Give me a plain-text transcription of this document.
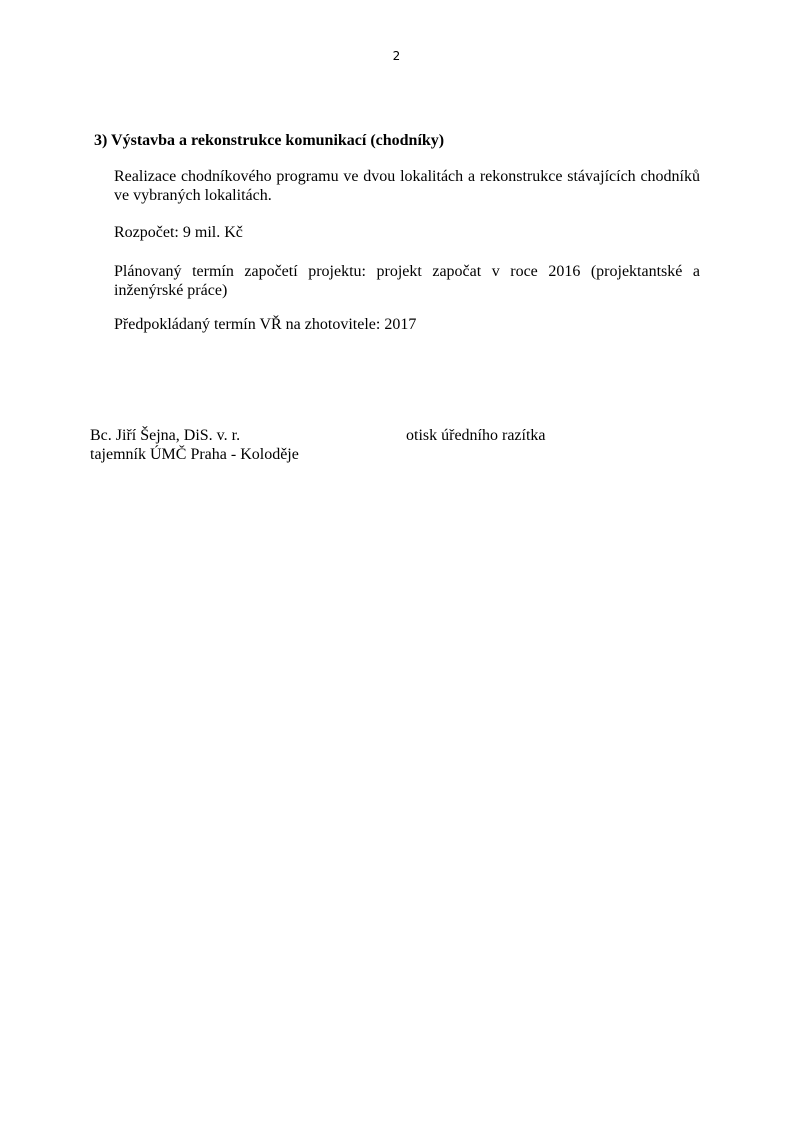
2
3) Výstavba a rekonstrukce komunikací (chodníky)

Realizace chodníkového programu ve dvou lokalitách a rekonstrukce stávajících chodníků ve vybraných lokalitách.

Rozpočet: 9 mil. Kč

Plánovaný termín započetí projektu: projekt započat v roce 2016 (projektantské a inženýrské práce)

Předpokládaný termín VŘ na zhotovitele: 2017

Bc. Jiří Šejna, DiS. v. r.
tajemník ÚMČ Praha - Koloděje
otisk úředního razítka
